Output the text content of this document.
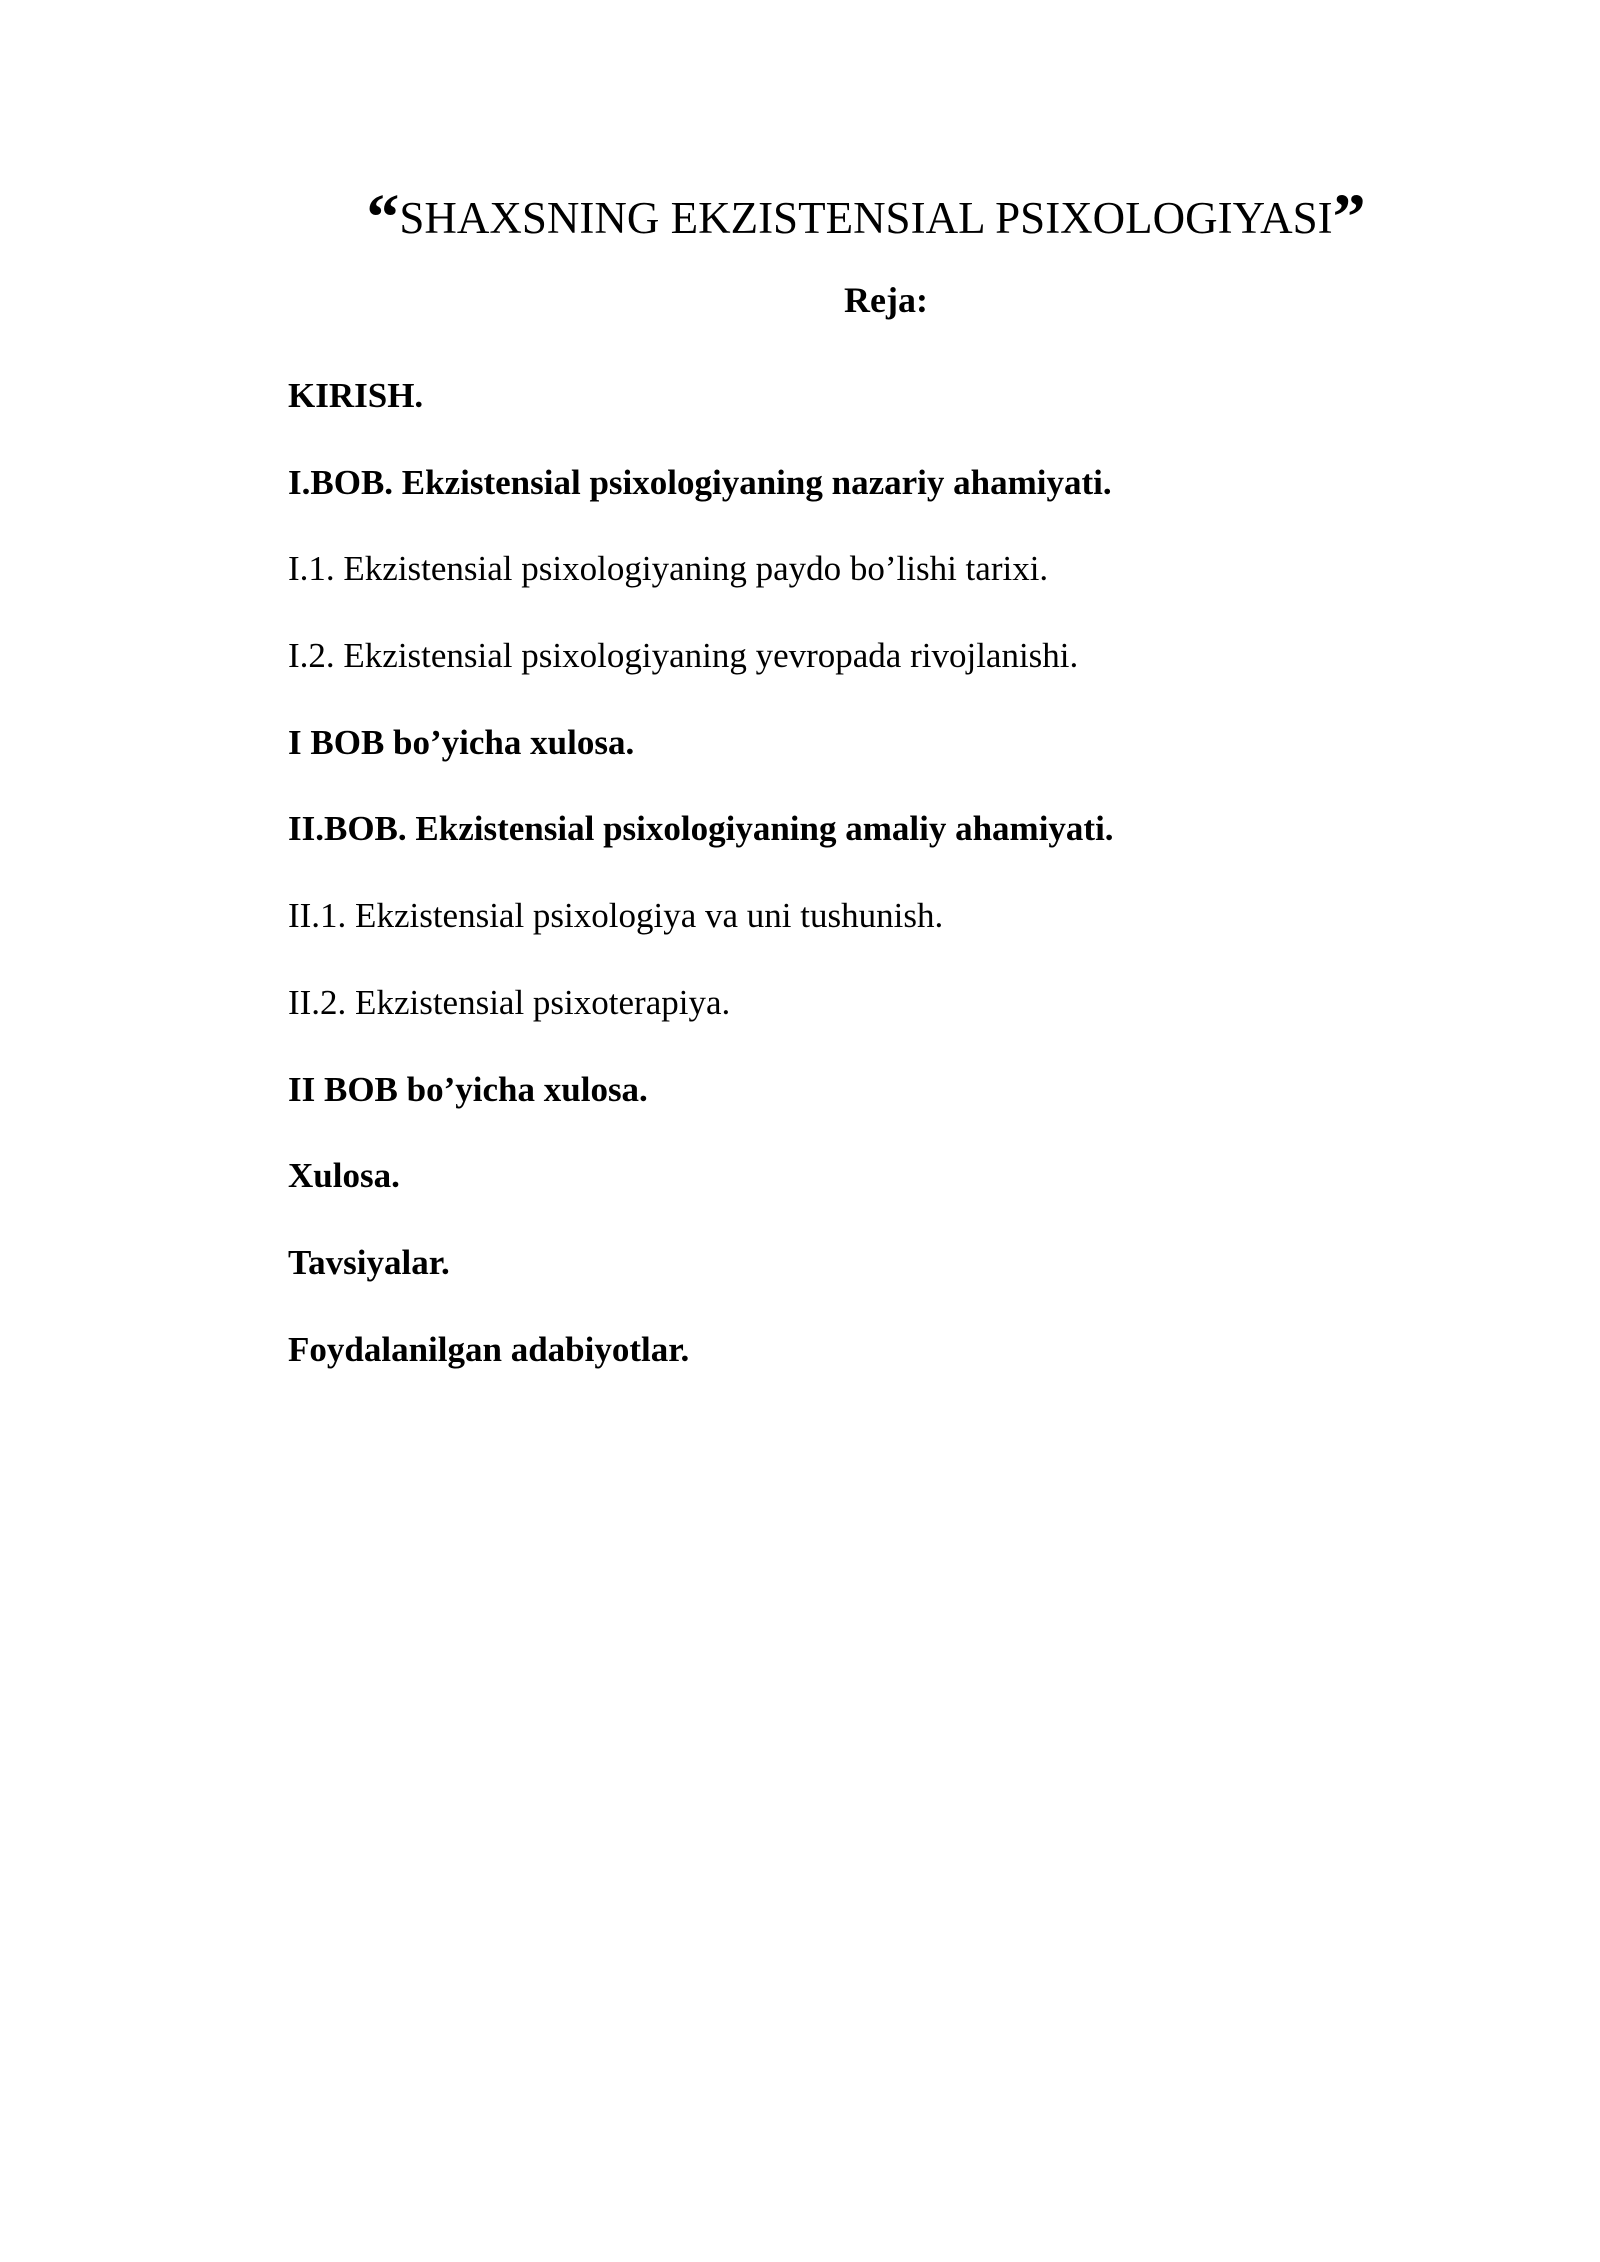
“SHAXSNING EKZISTENSIAL PSIXOLOGIYASI”
Reja:
KIRISH.
I.BOB. Ekzistensial psixologiyaning nazariy ahamiyati.
I.1. Ekzistensial psixologiyaning paydo bo’lishi tarixi.
I.2. Ekzistensial psixologiyaning yevropada rivojlanishi.
I BOB bo’yicha xulosa.
II.BOB. Ekzistensial psixologiyaning amaliy ahamiyati.
II.1. Ekzistensial psixologiya va uni tushunish.
II.2. Ekzistensial psixoterapiya.
II BOB bo’yicha xulosa.
Xulosa.
Tavsiyalar.
Foydalanilgan adabiyotlar.
